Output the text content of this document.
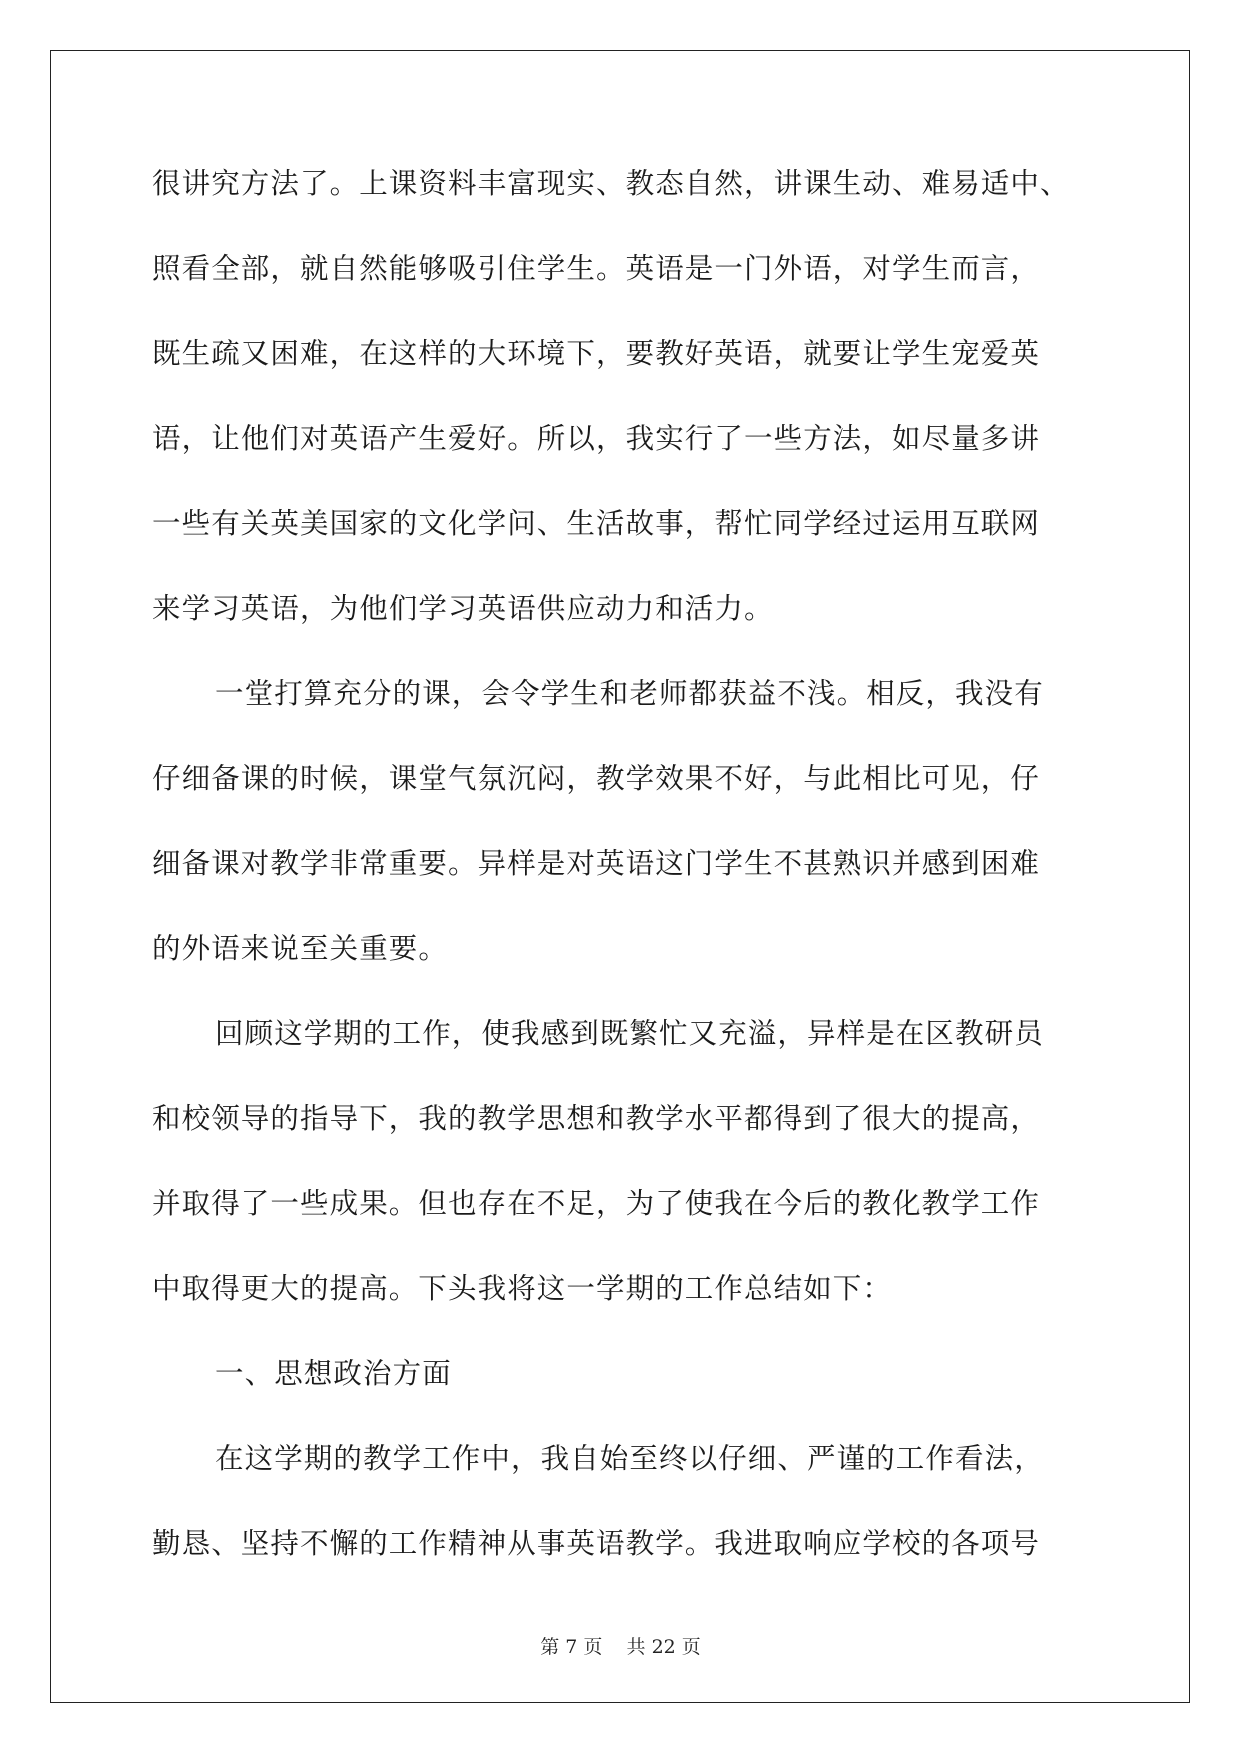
很讲究方法了。上课资料丰富现实、教态自然，讲课生动、难易适中、
照看全部，就自然能够吸引住学生。英语是一门外语，对学生而言，
既生疏又困难，在这样的大环境下，要教好英语，就要让学生宠爱英
语，让他们对英语产生爱好。所以，我实行了一些方法，如尽量多讲
一些有关英美国家的文化学问、生活故事，帮忙同学经过运用互联网
来学习英语，为他们学习英语供应动力和活力。
一堂打算充分的课，会令学生和老师都获益不浅。相反，我没有
仔细备课的时候，课堂气氛沉闷，教学效果不好，与此相比可见，仔
细备课对教学非常重要。异样是对英语这门学生不甚熟识并感到困难
的外语来说至关重要。
回顾这学期的工作，使我感到既繁忙又充溢，异样是在区教研员
和校领导的指导下，我的教学思想和教学水平都得到了很大的提高，
并取得了一些成果。但也存在不足，为了使我在今后的教化教学工作
中取得更大的提高。下头我将这一学期的工作总结如下：
一、思想政治方面
在这学期的教学工作中，我自始至终以仔细、严谨的工作看法，
勤恳、坚持不懈的工作精神从事英语教学。我进取响应学校的各项号
第 7 页    共 22 页
